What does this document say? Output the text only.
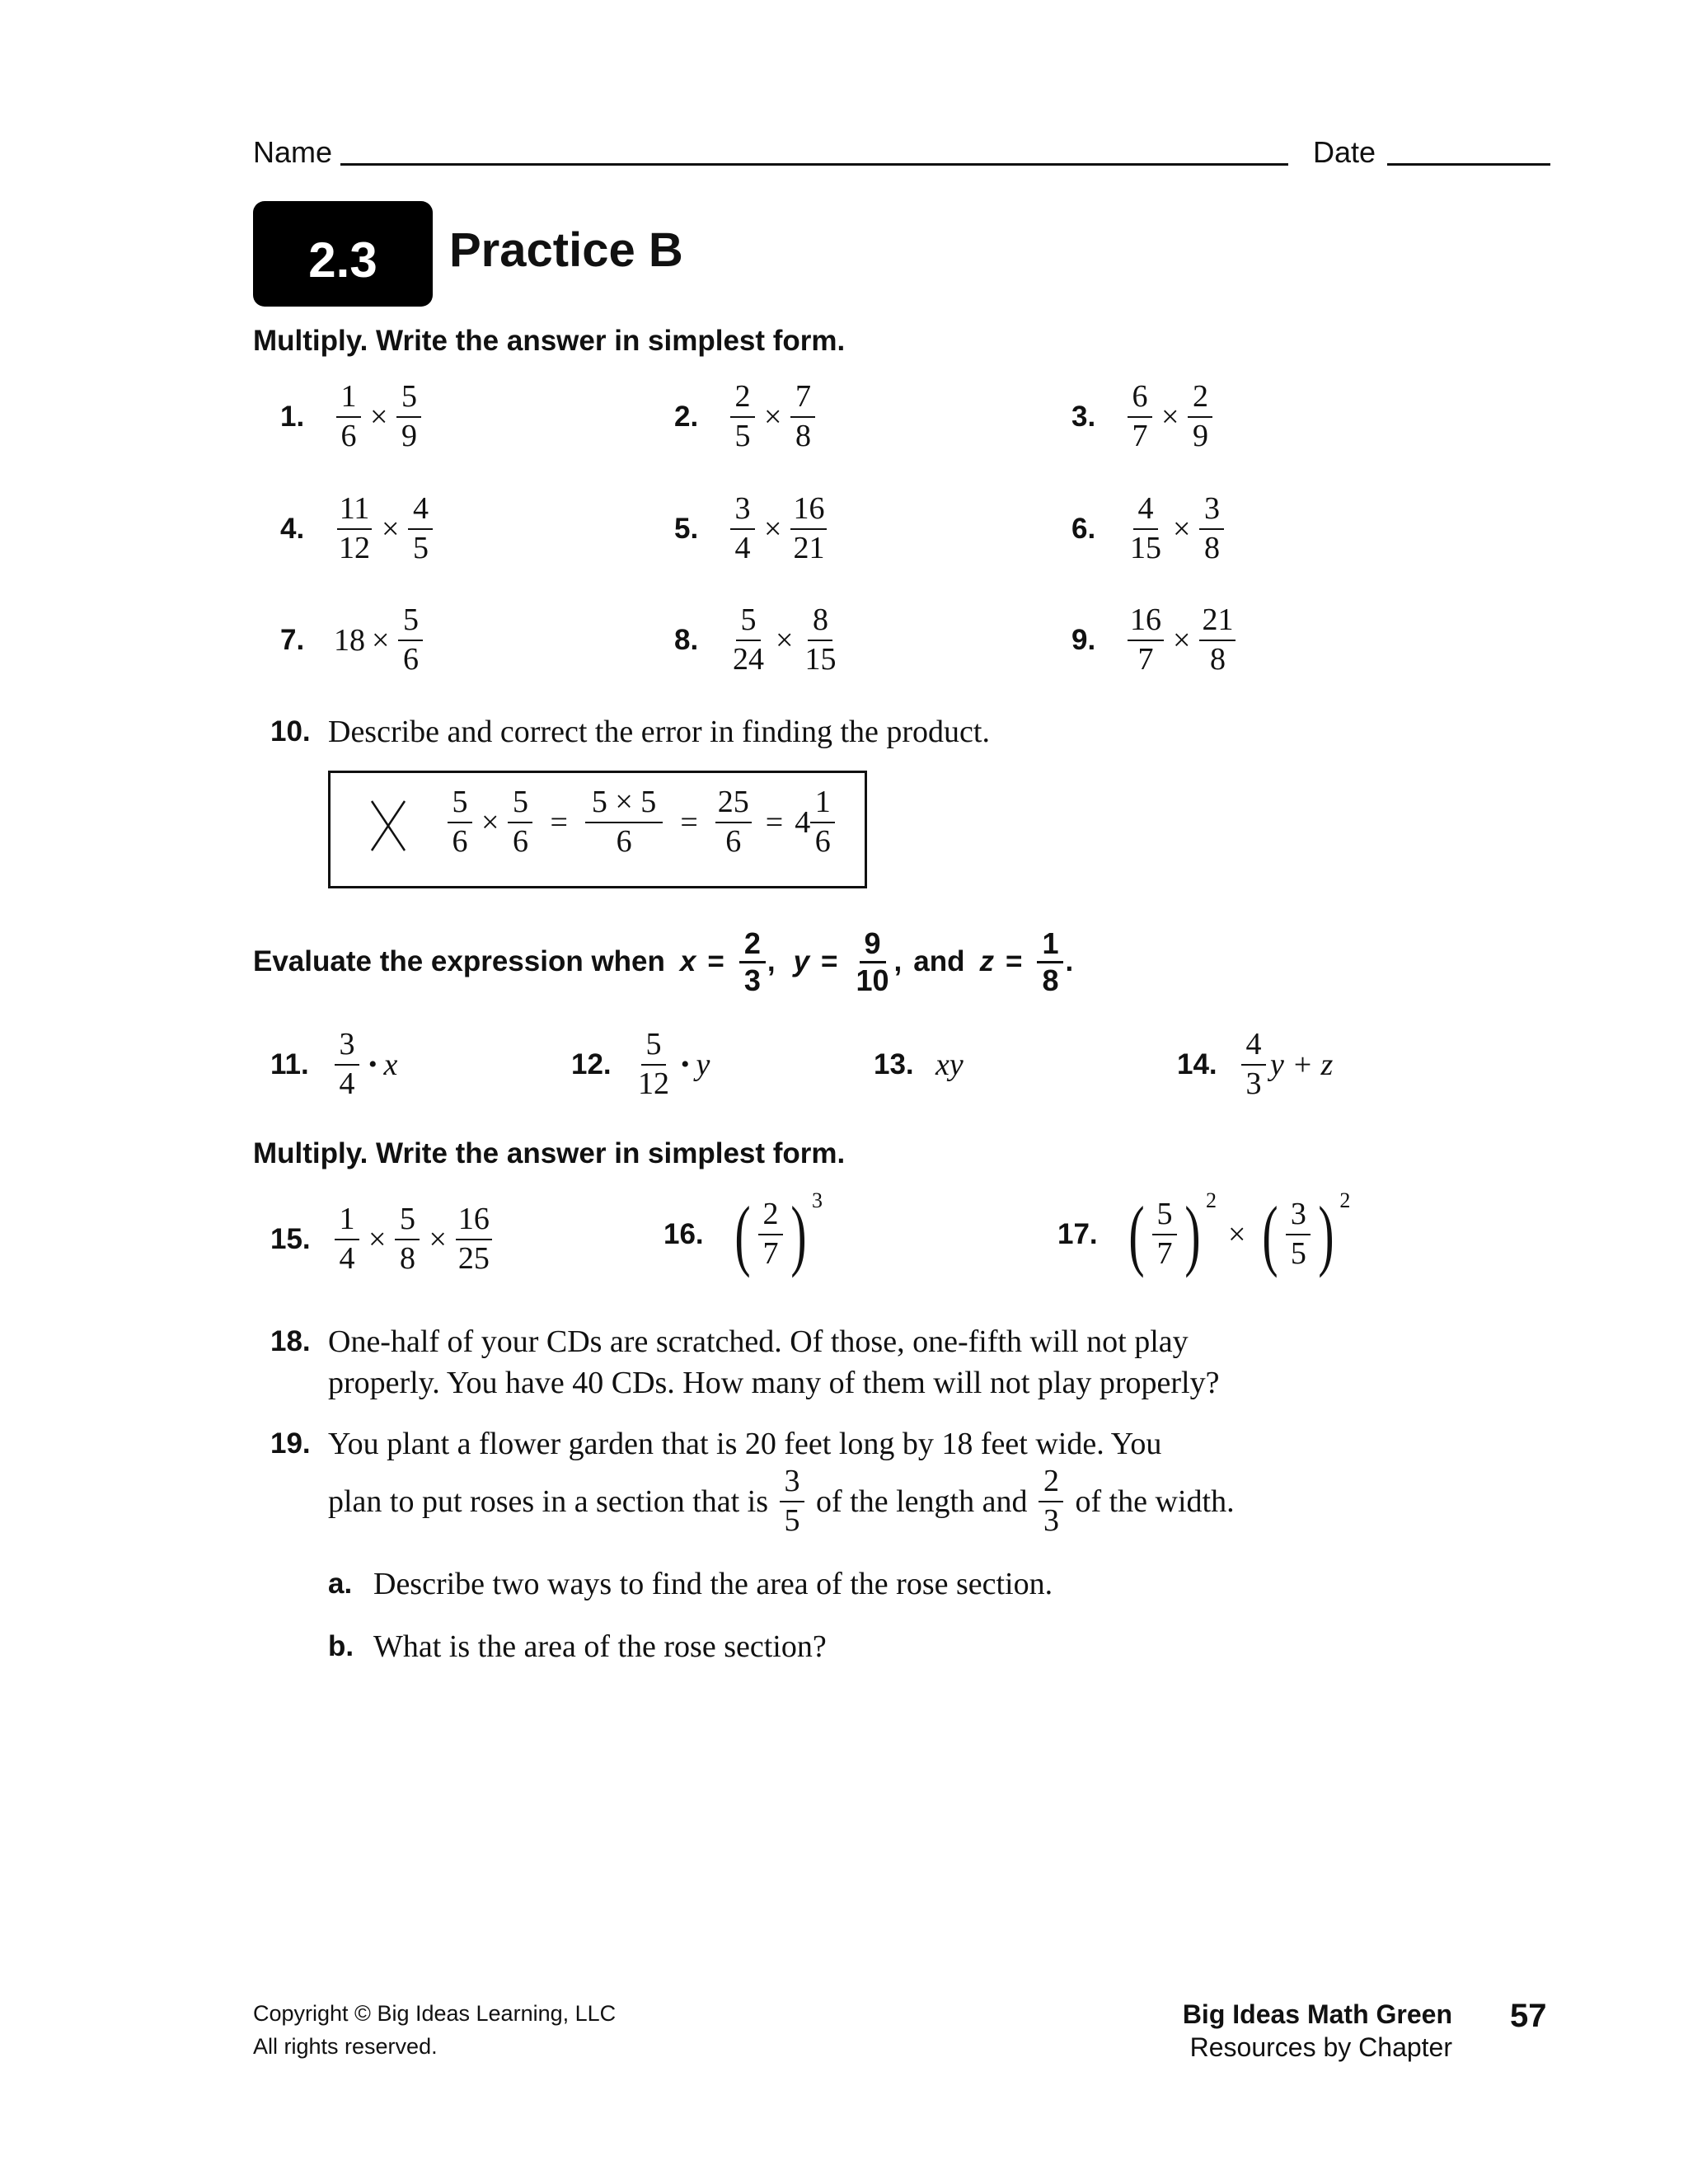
Name	Date
2.3 Practice B
Multiply. Write the answer in simplest form.
1.	$\frac{1}{6} \times \frac{5}{9}$	2.	$\frac{2}{5} \times \frac{7}{8}$	3.	$\frac{6}{7} \times \frac{2}{9}$
4.	$\frac{11}{12} \times \frac{4}{5}$	5.	$\frac{3}{4} \times \frac{16}{21}$	6.	$\frac{4}{15} \times \frac{3}{8}$
7. $18 \times \frac{5}{6}$	8.	$\frac{5}{24} \times \frac{8}{15}$	9.	$\frac{16}{7} \times \frac{21}{8}$
10. Describe and correct the error in finding the product.
$\frac{5}{6} \times \frac{5}{6} = \frac{5 \times 5}{6} = \frac{25}{6} = 4 \frac{1}{6}$
Evaluate the expression when $x = \frac{2}{3}$ , $y = \frac{9}{10}$ , and $z = \frac{1}{8}$ .
11. $\frac{3}{4}$ • x	12. $\frac{5}{12}$ • y	13. xy	14. $\frac{4}{3}$ y + z
Multiply. Write the answer in simplest form.
15. $\frac{1}{4} \times \frac{5}{8} \times \frac{16}{25}$	16. ( $\frac{2}{7}$ ) 3
17. ( $\frac{5}{7}$ ) 2
× ( $\frac{3}{5}$ ) 2
18. One-half of your CDs are scratched. Of those, one-fifth will not play
properly. You have 40 CDs. How many of them will not play properly?
19. You plant a flower garden that is 20 feet long by 18 feet wide. You
plan to put roses in a section that is $\frac{3}{5}$ of the length and $\frac{2}{3}$ of the width.
a. Describe two ways to find the area of the rose section.
b. What is the area of the rose section?
Copyright © Big Ideas Learning, LLC
All rights reserved.
Big Ideas Math Green
Resources by Chapter
57
